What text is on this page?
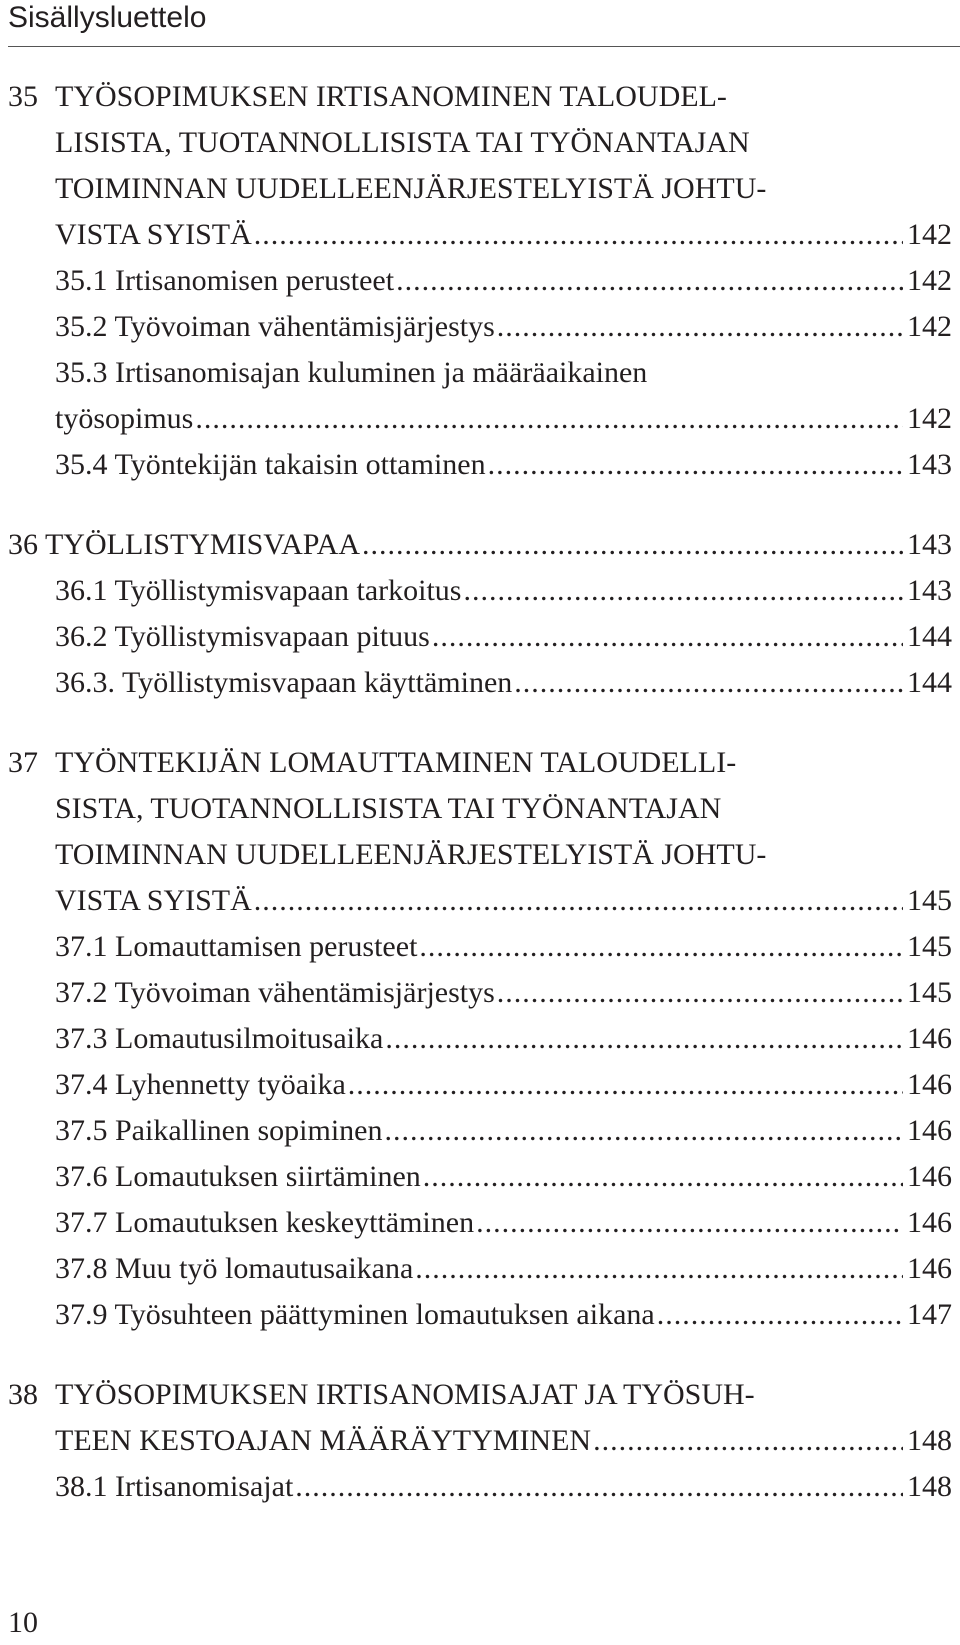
Sisällysluettelo
35 TYÖSOPIMUKSEN IRTISANOMINEN TALOUDEL-
LISISTA, TUOTANNOLLISISTA TAI TYÖNANTAJAN
TOIMINNAN UUDELLEENJÄRJESTELYISTÄ JOHTU-
VISTA SYISTÄ .....	142
35.1 Irtisanomisen perusteet .....	142
35.2 Työvoiman vähentämisjärjestys .....	142
35.3 Irtisanomisajan kuluminen ja määräaikainen
työsopimus .....	142
35.4 Työntekijän takaisin ottaminen .....	143
36 TYÖLLISTYMISVAPAA .....	143
36.1 Työllistymisvapaan tarkoitus .....	143
36.2 Työllistymisvapaan pituus .....	144
36.3. Työllistymisvapaan käyttäminen .....	144
37 TYÖNTEKIJÄN LOMAUTTAMINEN TALOUDELLI-
SISTA, TUOTANNOLLISISTA TAI TYÖNANTAJAN
TOIMINNAN UUDELLEENJÄRJESTELYISTÄ JOHTU-
VISTA SYISTÄ .....	145
37.1 Lomauttamisen perusteet .....	145
37.2 Työvoiman vähentämisjärjestys .....	145
37.3 Lomautusilmoitusaika .....	146
37.4 Lyhennetty työaika .....	146
37.5 Paikallinen sopiminen .....	146
37.6 Lomautuksen siirtäminen .....	146
37.7 Lomautuksen keskeyttäminen .....	146
37.8 Muu työ lomautusaikana .....	146
37.9 Työsuhteen päättyminen lomautuksen aikana .....	147
38 TYÖSOPIMUKSEN IRTISANOMISAJAT JA TYÖSUH-
TEEN KESTOAJAN MÄÄRÄYTYMINEN .....	148
38.1 Irtisanomisajat .....	148
10
